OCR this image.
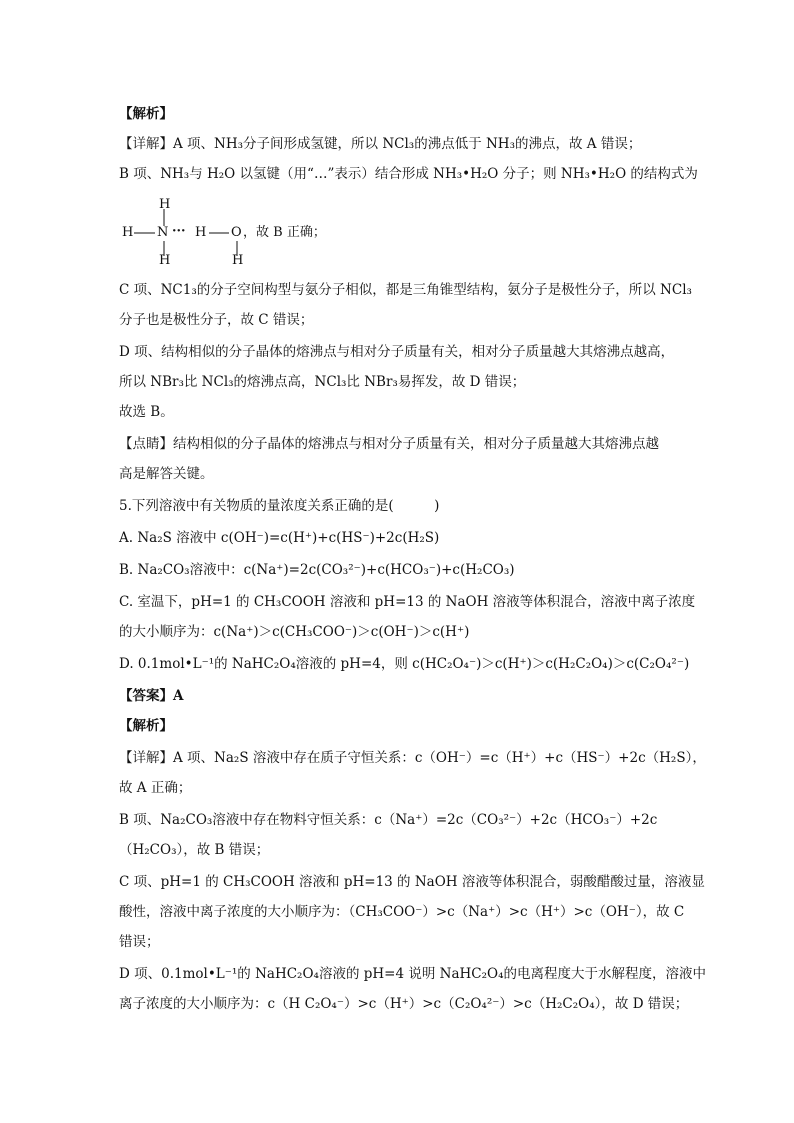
【解析】
【详解】A 项、NH₃分子间形成氢键，所以 NCl₃的沸点低于 NH₃的沸点，故 A 错误；
B 项、NH₃与 H₂O 以氢键（用“…”表示）结合形成 NH₃•H₂O 分子；则 NH₃•H₂O 的结构式为
H
H N ··· H O
H	H
，故 B 正确；
C 项、NC1₃的分子空间构型与氨分子相似，都是三角锥型结构，氨分子是极性分子，所以 NCl₃
分子也是极性分子，故 C 错误；
D 项、结构相似的分子晶体的熔沸点与相对分子质量有关，相对分子质量越大其熔沸点越高，
所以 NBr₃比 NCl₃的熔沸点高，NCl₃比 NBr₃易挥发，故 D 错误；
故选 B。
【点睛】结构相似的分子晶体的熔沸点与相对分子质量有关，相对分子质量越大其熔沸点越
高是解答关键。
5.下列溶液中有关物质的量浓度关系正确的是(　　　)
A. Na₂S 溶液中 c(OH⁻)=c(H⁺)+c(HS⁻)+2c(H₂S)
B. Na₂CO₃溶液中：c(Na⁺)=2c(CO₃²⁻)+c(HCO₃⁻)+c(H₂CO₃)
C. 室温下，pH=1 的 CH₃COOH 溶液和 pH=13 的 NaOH 溶液等体积混合，溶液中离子浓度
的大小顺序为：c(Na⁺)＞c(CH₃COO⁻)＞c(OH⁻)＞c(H⁺)
D. 0.1mol•L⁻¹的 NaHC₂O₄溶液的 pH=4，则 c(HC₂O₄⁻)＞c(H⁺)＞c(H₂C₂O₄)＞c(C₂O₄²⁻)
【答案】A
【解析】
【详解】A 项、Na₂S 溶液中存在质子守恒关系：c（OH⁻）=c（H⁺）+c（HS⁻）+2c（H₂S），
故 A 正确；
B 项、Na₂CO₃溶液中存在物料守恒关系：c（Na⁺）=2c（CO₃²⁻）+2c（HCO₃⁻）+2c
（H₂CO₃），故 B 错误；
C 项、pH=1 的 CH₃COOH 溶液和 pH=13 的 NaOH 溶液等体积混合，弱酸醋酸过量，溶液显
酸性，溶液中离子浓度的大小顺序为：（CH₃COO⁻）>c（Na⁺）>c（H⁺）>c（OH⁻），故 C
错误；
D 项、0.1mol•L⁻¹的 NaHC₂O₄溶液的 pH=4 说明 NaHC₂O₄的电离程度大于水解程度，溶液中
离子浓度的大小顺序为：c（H C₂O₄⁻）>c（H⁺）>c（C₂O₄²⁻）>c（H₂C₂O₄），故 D 错误；
